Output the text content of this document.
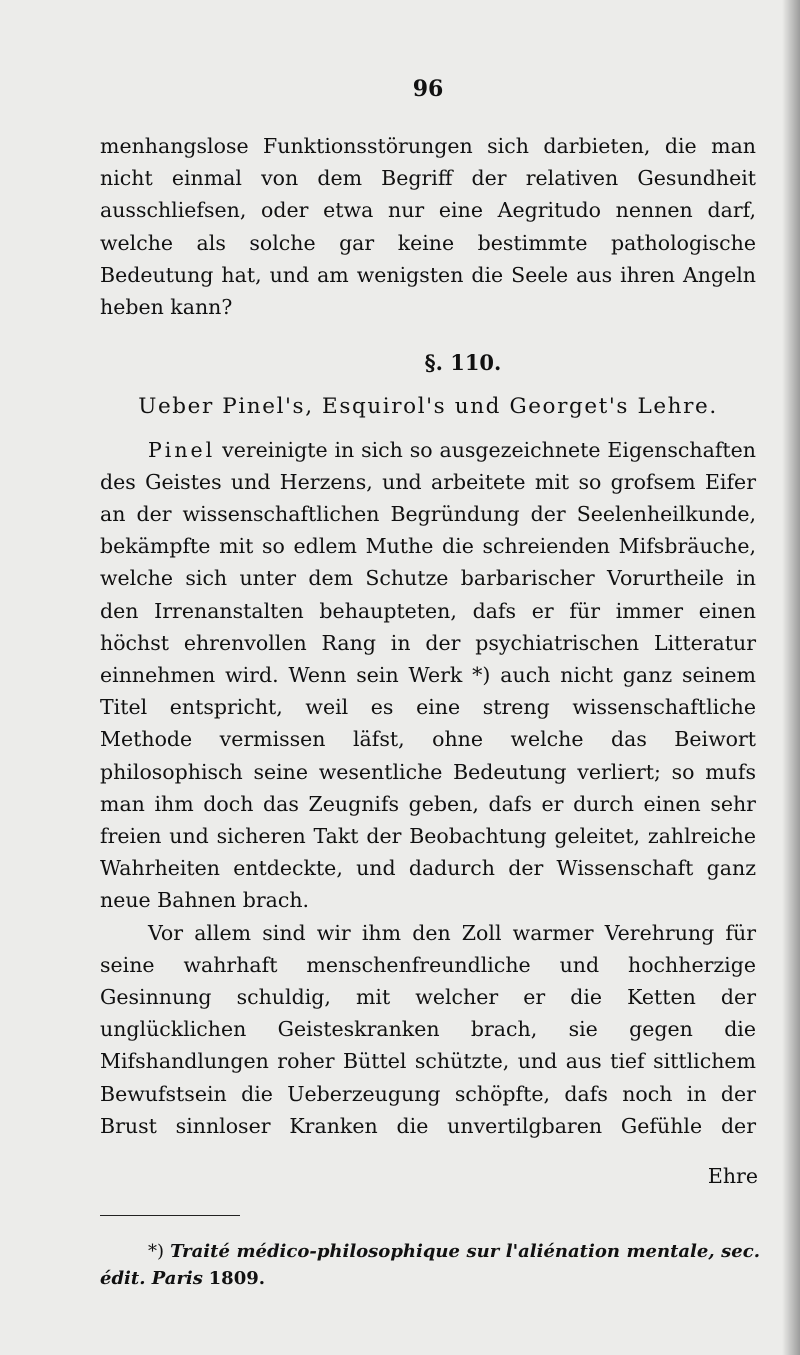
96

menhangslose Funktionsstörungen sich darbieten, die man nicht einmal von dem Begriff der relativen Gesundheit ausschliefsen, oder etwa nur eine Aegritudo nennen darf, welche als solche gar keine bestimmte pathologische Bedeutung hat, und am wenigsten die Seele aus ihren Angeln heben kann?

§. 110.
Ueber Pinel's, Esquirol's und Georget's Lehre.

Pinel vereinigte in sich so ausgezeichnete Eigenschaften des Geistes und Herzens, und arbeitete mit so grofsem Eifer an der wissenschaftlichen Begründung der Seelenheilkunde, bekämpfte mit so edlem Muthe die schreienden Mifsbräuche, welche sich unter dem Schutze barbarischer Vorurtheile in den Irrenanstalten behaupteten, dafs er für immer einen höchst ehrenvollen Rang in der psychiatrischen Litteratur einnehmen wird. Wenn sein Werk *) auch nicht ganz seinem Titel entspricht, weil es eine streng wissenschaftliche Methode vermissen läfst, ohne welche das Beiwort philosophisch seine wesentliche Bedeutung verliert; so mufs man ihm doch das Zeugnifs geben, dafs er durch einen sehr freien und sicheren Takt der Beobachtung geleitet, zahlreiche Wahrheiten entdeckte, und dadurch der Wissenschaft ganz neue Bahnen brach.

Vor allem sind wir ihm den Zoll warmer Verehrung für seine wahrhaft menschenfreundliche und hochherzige Gesinnung schuldig, mit welcher er die Ketten der unglücklichen Geisteskranken brach, sie gegen die Mifshandlungen roher Büttel schützte, und aus tief sittlichem Bewufstsein die Ueberzeugung schöpfte, dafs noch in der Brust sinnloser Kranken die unvertilgbaren Gefühle der

Ehre
*) Traité médico-philosophique sur l'aliénation mentale, sec. édit. Paris 1809.
